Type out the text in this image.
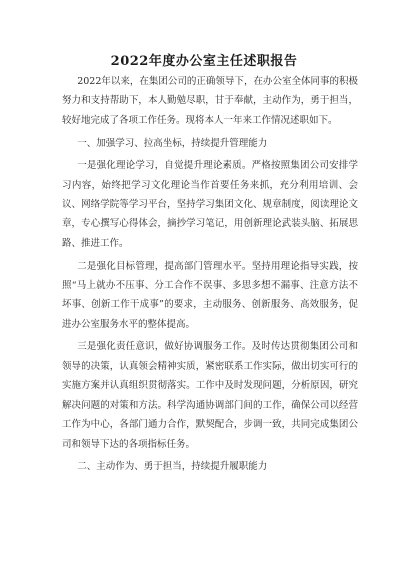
2022年度办公室主任述职报告

2022年以来，在集团公司的正确领导下，在办公室全体同事的积极努力和支持帮助下，本人勤勉尽职，甘于奉献，主动作为，勇于担当，较好地完成了各项工作任务。现将本人一年来工作情况述职如下。

一、加强学习、拉高坐标，持续提升管理能力

一是强化理论学习，自觉提升理论素质。严格按照集团公司安排学习内容，始终把学习文化理论当作首要任务来抓，充分利用培训、会议、网络学院等学习平台，坚持学习集团文化、规章制度，阅读理论文章，专心撰写心得体会，摘抄学习笔记，用创新理论武装头脑、拓展思路、推进工作。

二是强化目标管理，提高部门管理水平。坚持用理论指导实践，按照“马上就办不压事、分工合作不误事、多思多想不漏事、注意方法不坏事、创新工作干成事”的要求，主动服务、创新服务、高效服务，促进办公室服务水平的整体提高。

三是强化责任意识，做好协调服务工作。及时传达贯彻集团公司和领导的决策，认真领会精神实质，紧密联系工作实际，做出切实可行的实施方案并认真组织贯彻落实。工作中及时发现问题，分析原因，研究解决问题的对策和方法。科学沟通协调部门间的工作，确保公司以经营工作为中心，各部门通力合作，默契配合，步调一致，共同完成集团公司和领导下达的各项指标任务。

二、主动作为、勇于担当，持续提升履职能力
